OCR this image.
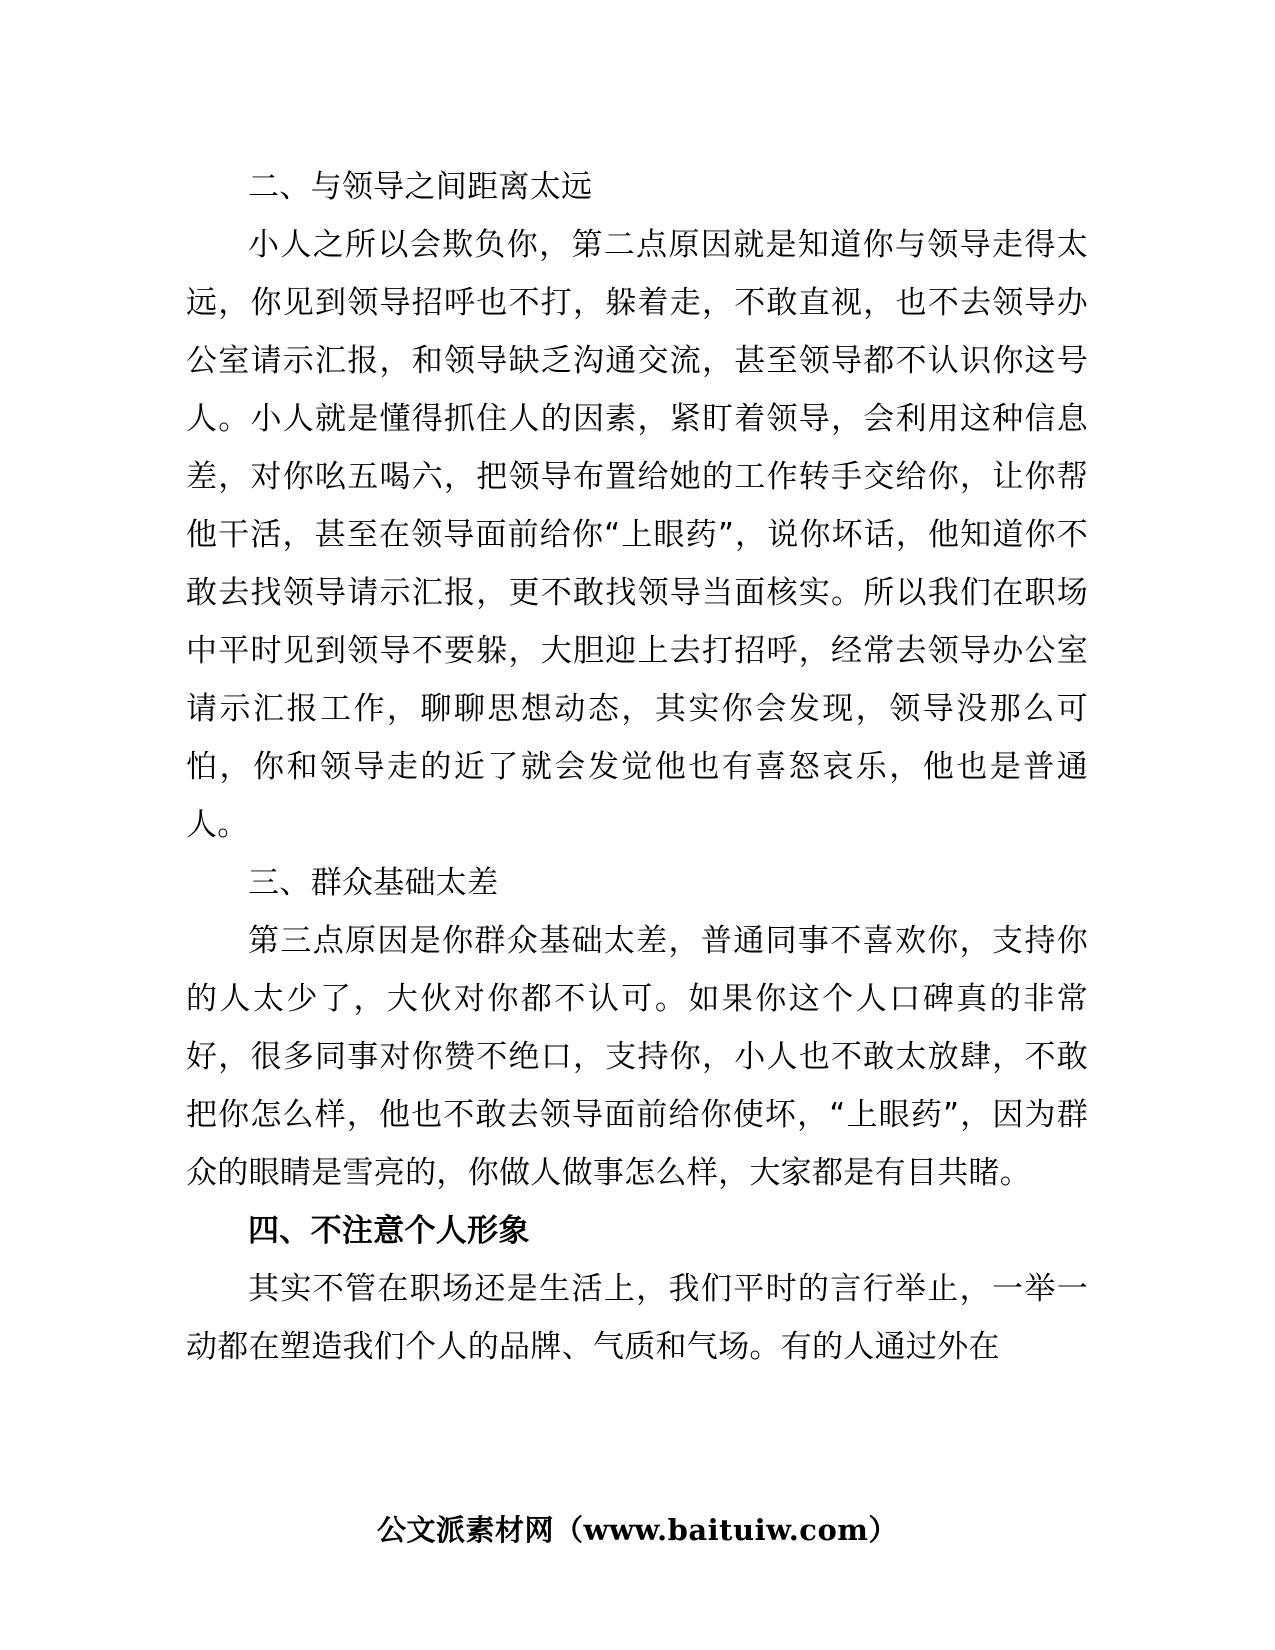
二、与领导之间距离太远

小人之所以会欺负你，第二点原因就是知道你与领导走得太远，你见到领导招呼也不打，躲着走，不敢直视，也不去领导办公室请示汇报，和领导缺乏沟通交流，甚至领导都不认识你这号人。小人就是懂得抓住人的因素，紧盯着领导，会利用这种信息差，对你吆五喝六，把领导布置给她的工作转手交给你，让你帮他干活，甚至在领导面前给你“上眼药”，说你坏话，他知道你不敢去找领导请示汇报，更不敢找领导当面核实。所以我们在职场中平时见到领导不要躲，大胆迎上去打招呼，经常去领导办公室请示汇报工作，聊聊思想动态，其实你会发现，领导没那么可怕，你和领导走的近了就会发觉他也有喜怒哀乐，他也是普通人。

三、群众基础太差

第三点原因是你群众基础太差，普通同事不喜欢你，支持你的人太少了，大伙对你都不认可。如果你这个人口碑真的非常好，很多同事对你赞不绝口，支持你，小人也不敢太放肆，不敢把你怎么样，他也不敢去领导面前给你使坏，“上眼药”，因为群众的眼睛是雪亮的，你做人做事怎么样，大家都是有目共睹。

四、不注意个人形象

其实不管在职场还是生活上，我们平时的言行举止，一举一动都在塑造我们个人的品牌、气质和气场。有的人通过外在

公文派素材网（www.baituiw.com）
